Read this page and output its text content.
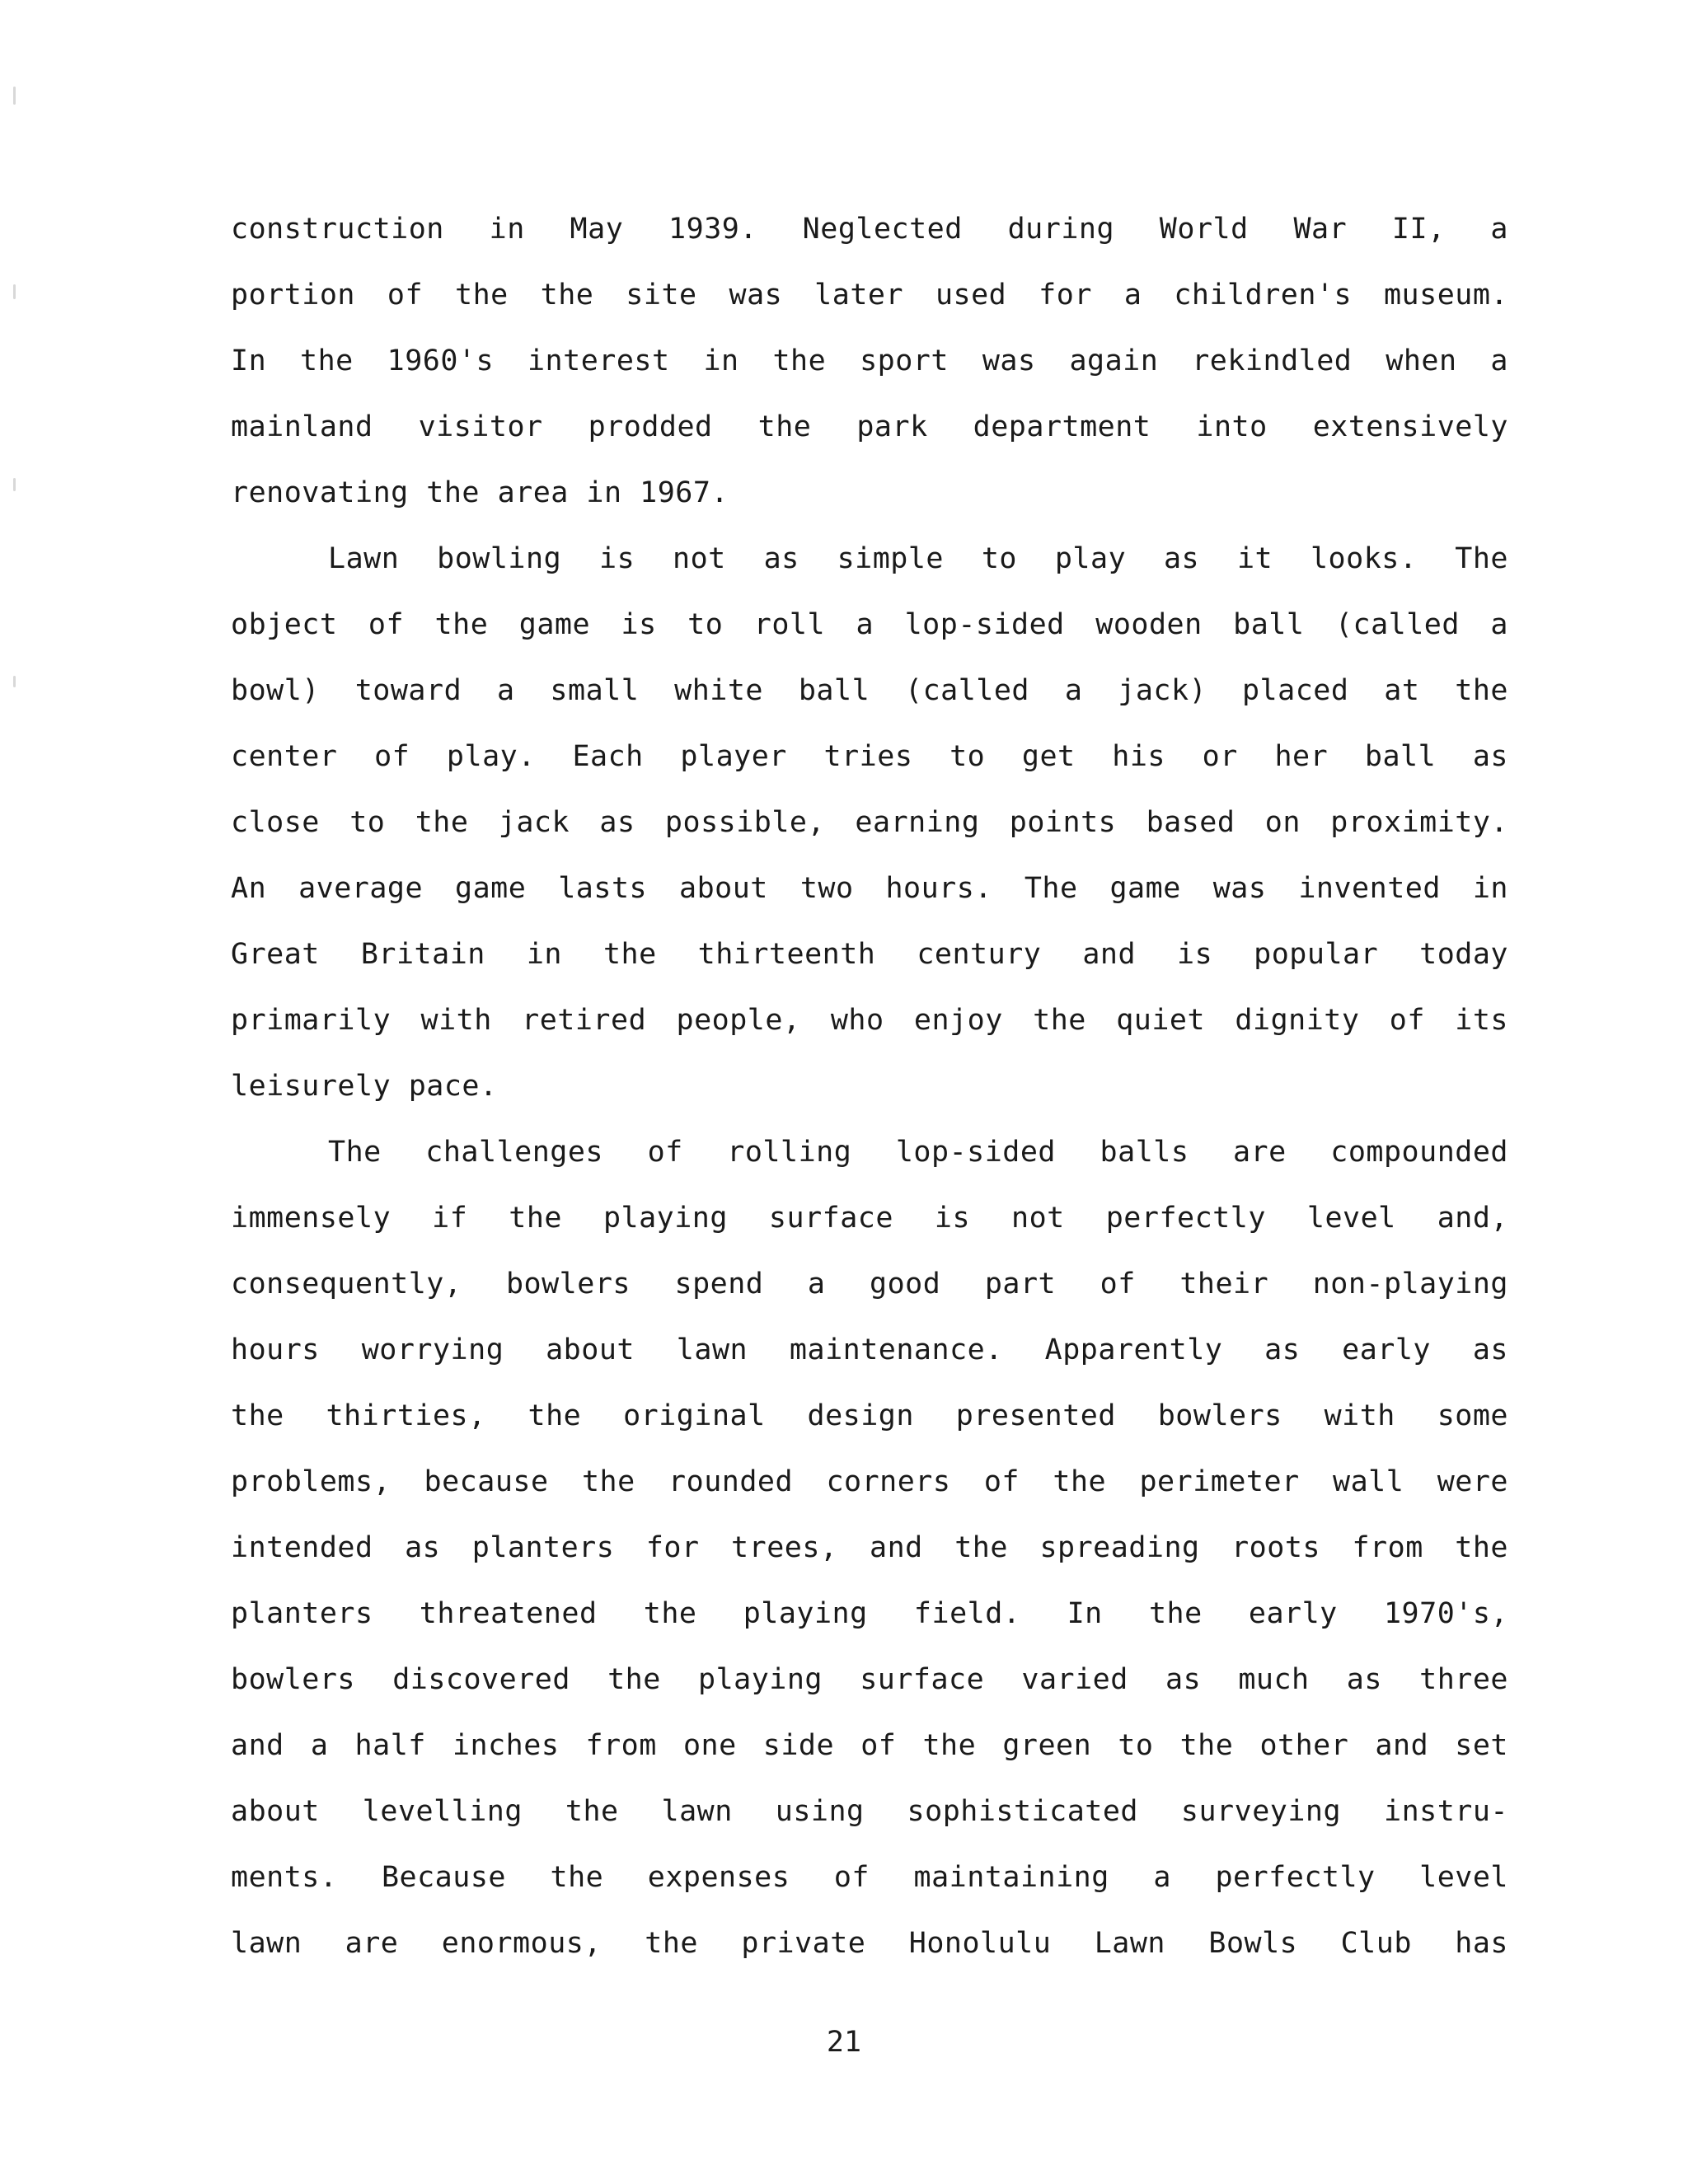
construction in May 1939. Neglected during World War II, a
portion of the the site was later used for a children's museum.
In the 1960's interest in the sport was again rekindled when a
mainland visitor prodded the park department into extensively
renovating the area in 1967.
Lawn bowling is not as simple to play as it looks. The
object of the game is to roll a lop-sided wooden ball (called a
bowl) toward a small white ball (called a jack) placed at the
center of play. Each player tries to get his or her ball as
close to the jack as possible, earning points based on proximity.
An average game lasts about two hours. The game was invented in
Great Britain in the thirteenth century and is popular today
primarily with retired people, who enjoy the quiet dignity of its
leisurely pace.
The challenges of rolling lop-sided balls are compounded
immensely if the playing surface is not perfectly level and,
consequently, bowlers spend a good part of their non-playing
hours worrying about lawn maintenance. Apparently as early as
the thirties, the original design presented bowlers with some
problems, because the rounded corners of the perimeter wall were
intended as planters for trees, and the spreading roots from the
planters threatened the playing field. In the early 1970's,
bowlers discovered the playing surface varied as much as three
and a half inches from one side of the green to the other and set
about levelling the lawn using sophisticated surveying instru-
ments. Because the expenses of maintaining a perfectly level
lawn are enormous, the private Honolulu Lawn Bowls Club has
21
